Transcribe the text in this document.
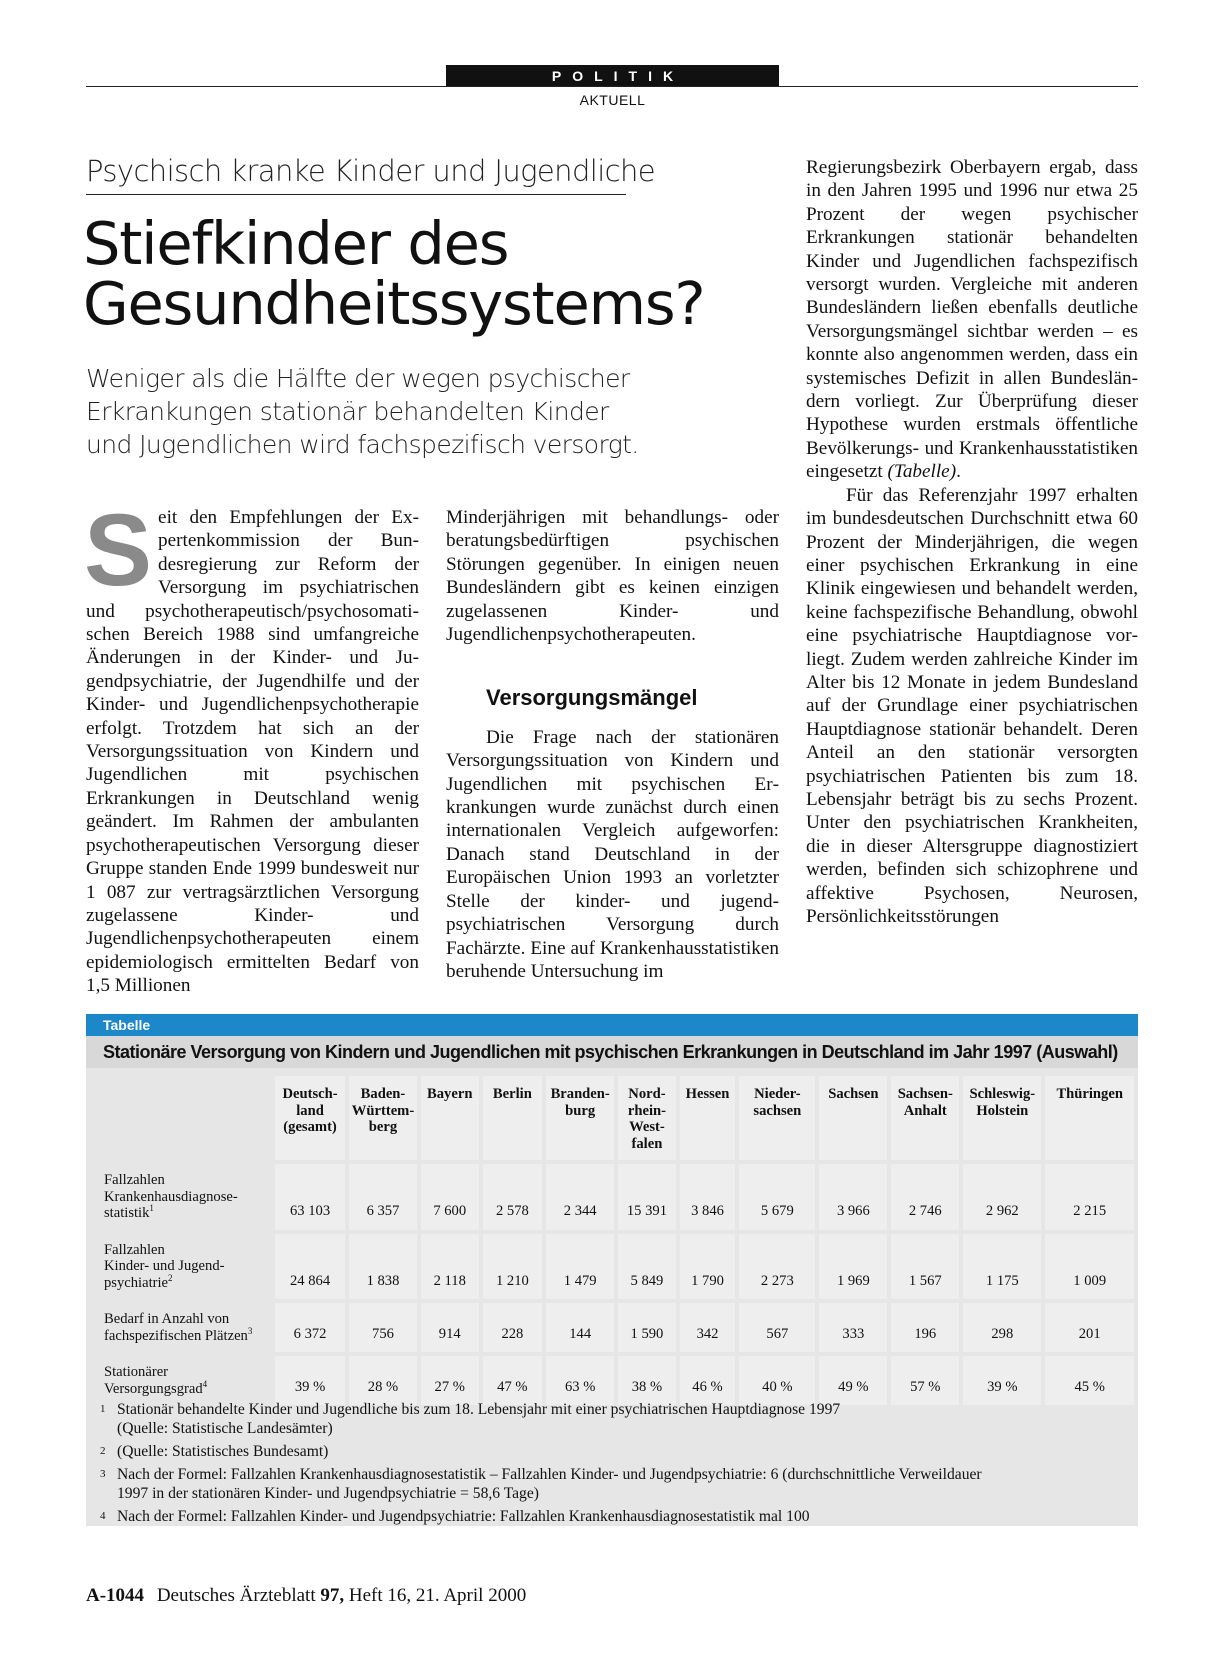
POLITIK
AKTUELL
Psychisch kranke Kinder und Jugendliche
Stiefkinder des
Gesundheitssystems?
Weniger als die Hälfte der wegen psychischer
Erkrankungen stationär behandelten Kinder
und Jugendlichen wird fachspezifisch versorgt.
S eit den Empfehlungen der Expertenkommission der Bundesregierung zur Reform der Versorgung im psychiatrischen und psychotherapeutisch/psychosomatischen Bereich 1988 sind umfangreiche Änderungen in der Kinder- und Jugendpsychiatrie, der Jugendhilfe und der Kinder- und Jugendlichenpsychotherapie erfolgt. Trotzdem hat sich an der Versorgungssituation von Kindern und Jugendlichen mit psychischen Erkrankungen in Deutschland wenig geändert. Im Rahmen der ambulanten psychotherapeutischen Versorgung dieser Gruppe standen Ende 1999 bundesweit nur 1 087 zur vertragsärztlichen Versorgung zugelassene Kinder- und Jugendlichenpsychotherapeuten einem epidemiologisch ermittelten Bedarf von 1,5 Millionen

Minderjährigen mit behandlungs- oder beratungsbedürftigen psychischen Störungen gegenüber. In einigen neuen Bundesländern gibt es keinen einzigen zugelassenen Kinder- und Jugendlichenpsychotherapeuten.

Versorgungsmängel

Die Frage nach der stationären Versorgungssituation von Kindern und Jugendlichen mit psychischen Erkrankungen wurde zunächst durch einen internationalen Vergleich aufgeworfen: Danach stand Deutschland in der Europäischen Union 1993 an vorletzter Stelle der kinder- und jugendpsychiatrischen Versorgung durch Fachärzte. Eine auf Krankenhausstatistiken beruhende Untersuchung im

Regierungsbezirk Oberbayern ergab, dass in den Jahren 1995 und 1996 nur etwa 25 Prozent der wegen psychischer Erkrankungen stationär behandelten Kinder und Jugendlichen fachspezifisch versorgt wurden. Vergleiche mit anderen Bundesländern ließen ebenfalls deutliche Versorgungsmängel sichtbar werden – es konnte also angenommen werden, dass ein systemisches Defizit in allen Bundesländern vorliegt. Zur Überprüfung dieser Hypothese wurden erstmals öffentliche Bevölkerungs- und Krankenhausstatistiken eingesetzt (Tabelle).

Für das Referenzjahr 1997 erhalten im bundesdeutschen Durchschnitt etwa 60 Prozent der Minderjährigen, die wegen einer psychischen Erkrankung in eine Klinik eingewiesen und behandelt werden, keine fachspezifische Behandlung, obwohl eine psychiatrische Hauptdiagnose vorliegt. Zudem werden zahlreiche Kinder im Alter bis 12 Monate in jedem Bundesland auf der Grundlage einer psychiatrischen Hauptdiagnose stationär behandelt. Deren Anteil an den stationär versorgten psychiatrischen Patienten bis zum 18. Lebensjahr beträgt bis zu sechs Prozent. Unter den psychiatrischen Krankheiten, die in dieser Altersgruppe diagnostiziert werden, befinden sich schizophrene und affektive Psychosen, Neurosen, Persönlichkeitsstörungen

Tabelle
Stationäre Versorgung von Kindern und Jugendlichen mit psychischen Erkrankungen in Deutschland im Jahr 1997 (Auswahl)
	Deutsch-
land
(gesamt)	Baden-
Württem-
berg	Bayern	Berlin	Branden-
burg	Nord-
rhein-
West-
falen	Hessen	Nieder-
sachsen	Sachsen	Sachsen-
Anhalt	Schleswig-
Holstein	Thüringen
Fallzahlen
Krankenhausdiagnose-
statistik$^1$	63 103	6 357	7 600	2 578	2 344	15 391	3 846	5 679	3 966	2 746	2 962	2 215
Fallzahlen
Kinder- und Jugend-
psychiatrie$^2$	24 864	1 838	2 118	1 210	1 479	5 849	1 790	2 273	1 969	1 567	1 175	1 009
Bedarf in Anzahl von
fachspezifischen Plätzen$^3$	6 372	756	914	228	144	1 590	342	567	333	196	298	201
Stationärer
Versorgungsgrad$^4$	39 %	28 %	27 %	47 %	63 %	38 %	46 %	40 %	49 %	57 %	39 %	45 %
1 Stationär behandelte Kinder und Jugendliche bis zum 18. Lebensjahr mit einer psychiatrischen Hauptdiagnose 1997
(Quelle: Statistische Landesämter)
2 (Quelle: Statistisches Bundesamt)
3 Nach der Formel: Fallzahlen Krankenhausdiagnosestatistik – Fallzahlen Kinder- und Jugendpsychiatrie: 6 (durchschnittliche Verweildauer
1997 in der stationären Kinder- und Jugendpsychiatrie = 58,6 Tage)
4 Nach der Formel: Fallzahlen Kinder- und Jugendpsychiatrie: Fallzahlen Krankenhausdiagnosestatistik mal 100
A-1044 Deutsches Ärzteblatt 97, Heft 16, 21. April 2000
